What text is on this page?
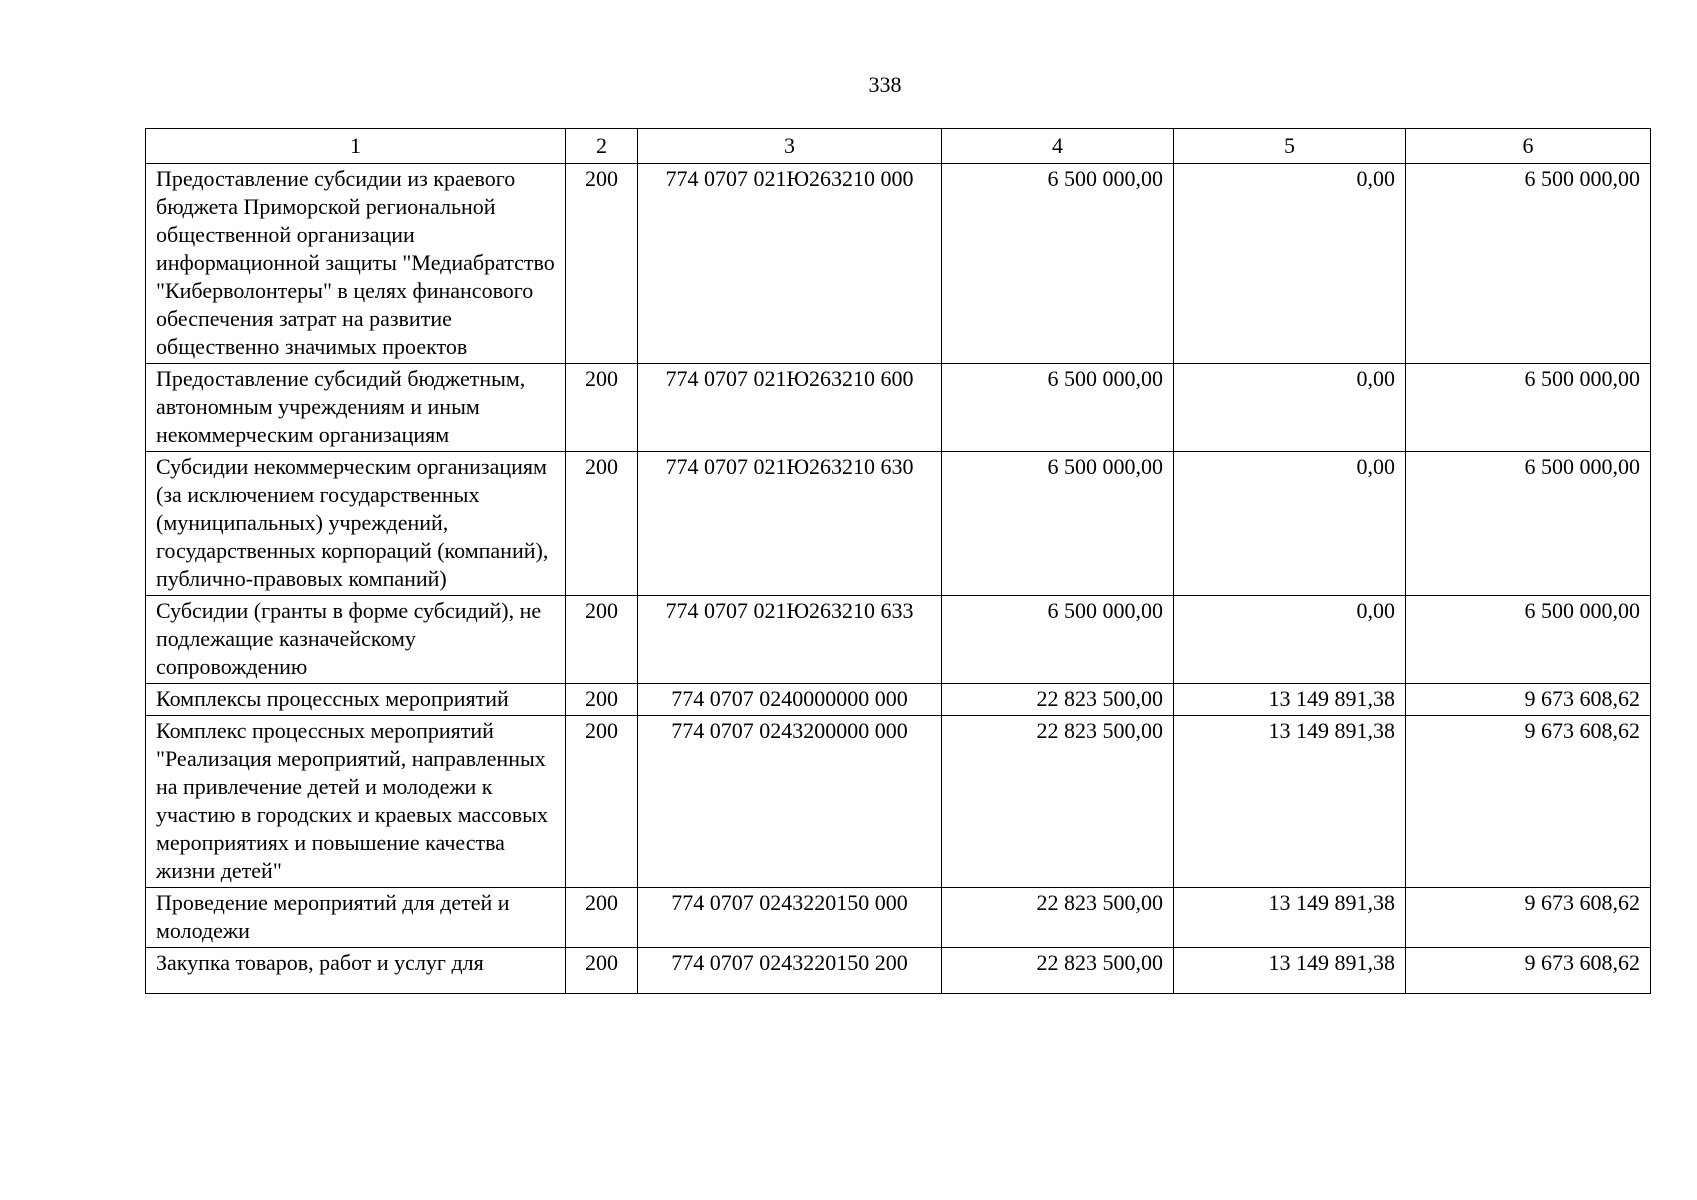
338
1	2	3	4	5	6
Предоставление субсидии из краевого бюджета Приморской региональной общественной организации информационной защиты "Медиабратство "Киберволонтеры" в целях финансового обеспечения затрат на развитие общественно значимых проектов	200	774 0707 021Ю263210 000	6 500 000,00	0,00	6 500 000,00
Предоставление субсидий бюджетным, автономным учреждениям и иным некоммерческим организациям	200	774 0707 021Ю263210 600	6 500 000,00	0,00	6 500 000,00
Субсидии некоммерческим организациям (за исключением государственных (муниципальных) учреждений, государственных корпораций (компаний), публично-правовых компаний)	200	774 0707 021Ю263210 630	6 500 000,00	0,00	6 500 000,00
Субсидии (гранты в форме субсидий), не подлежащие казначейскому сопровождению	200	774 0707 021Ю263210 633	6 500 000,00	0,00	6 500 000,00
Комплексы процессных мероприятий	200	774 0707 0240000000 000	22 823 500,00	13 149 891,38	9 673 608,62
Комплекс процессных мероприятий "Реализация мероприятий, направленных на привлечение детей и молодежи к участию в городских и краевых массовых мероприятиях и повышение качества жизни детей"	200	774 0707 0243200000 000	22 823 500,00	13 149 891,38	9 673 608,62
Проведение мероприятий для детей и молодежи	200	774 0707 0243220150 000	22 823 500,00	13 149 891,38	9 673 608,62
Закупка товаров, работ и услуг для	200	774 0707 0243220150 200	22 823 500,00	13 149 891,38	9 673 608,62
